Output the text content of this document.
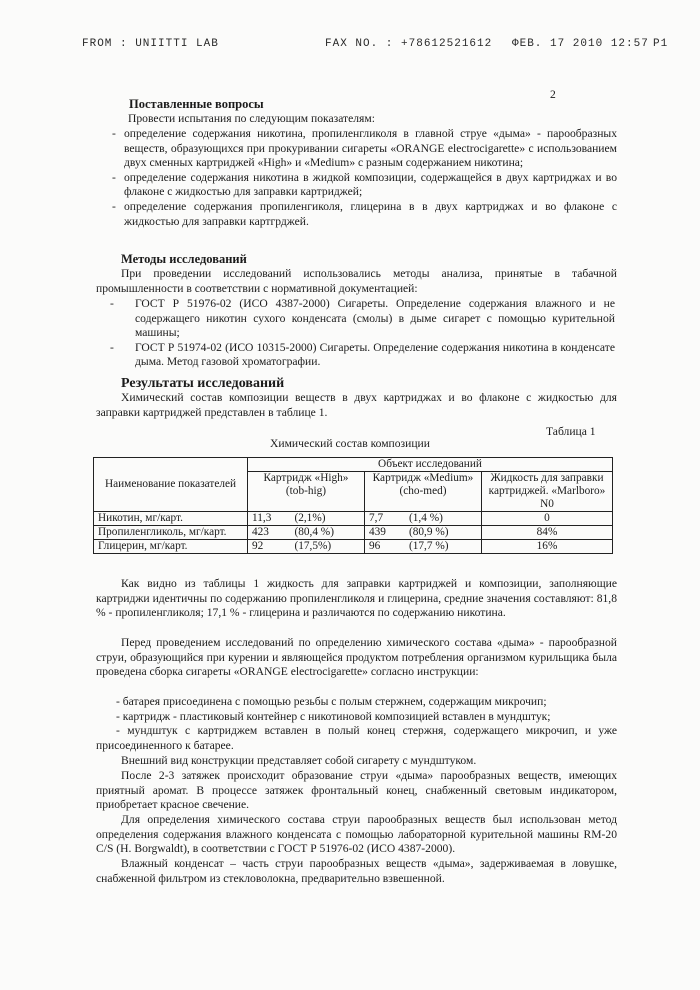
FROM : UNIITTI LAB	FAX NO. : +78612521612 ФЕВ. 17 2010 12:57 P1
2
Поставленные вопросы
Провести испытания по следующим показателям:
- определение содержания никотина, пропиленгликоля в главной струе «дыма» - парообразных веществ, образующихся при прокуривании сигареты «ORANGE electrocigarette» с использованием двух сменных картриджей «High» и «Medium» с разным содержанием никотина;
- определение содержания никотина в жидкой композиции, содержащейся в двух картриджах и во флаконе с жидкостью для заправки картриджей;
- определение содержания пропиленгиколя, глицерина в в двух картриджах и во флаконе с жидкостью для заправки картгрджей.
Методы исследований
При проведении исследований использовались методы анализа, принятые в табачной промышленности в соответствии с нормативной документацией:
- ГОСТ Р 51976-02 (ИСО 4387-2000) Сигареты. Определение содержания влажного и не содержащего никотин сухого конденсата (смолы) в дыме сигарет с помощью курительной машины;
- ГОСТ Р 51974-02 (ИСО 10315-2000) Сигареты. Определение содержания никотина в конденсате дыма. Метод газовой хроматографии.
Результаты исследований
Химический состав композиции веществ в двух картриджах и во флаконе с жидкостью для заправки картриджей представлен в таблице 1.
Таблица 1
Химический состав композиции
Наименование показателей	Объект исследований				
	Картридж «High» (tob-hig)		Картридж «Medium» (cho-med)		Жидкость для заправки картриджей. «Marlboro» N0
Никотин, мг/карт.	11,3	(2,1%)	7,7	(1,4 %)	0
Пропиленгликоль, мг/карт.	423	(80,4 %)	439	(80,9 %)	84%
Глицерин, мг/карт.	92	(17,5%)	96	(17,7 %)	16%
Как видно из таблицы 1 жидкость для заправки картриджей и композиции, заполняющие картриджи идентичны по содержанию пропиленгликоля и глицерина, средние значения составляют: 81,8 % - пропиленгликоля; 17,1 % - глицерина и различаются по содержанию никотина.
Перед проведением исследований по определению химического состава «дыма» - парообразной струи, образующийся при курении и являющейся продуктом потребления организмом курильщика была проведена сборка сигареты «ORANGE electrocigarette» согласно инструкции:
- батарея присоединена с помощью резьбы с полым стержнем, содержащим микрочип;
- картридж - пластиковый контейнер с никотиновой композицией вставлен в мундштук;
- мундштук с картриджем вставлен в полый конец стержня, содержащего микрочип, и уже присоединенного к батарее.
Внешний вид конструкции представляет собой сигарету с мундштуком.
После 2-3 затяжек происходит образование струи «дыма» парообразных веществ, имеющих приятный аромат. В процессе затяжек фронтальный конец, снабженный световым индикатором, приобретает красное свечение.
Для определения химического состава струи парообразных веществ был использован метод определения содержания влажного конденсата с помощью лабораторной курительной машины RM-20 C/S (H. Borgwaldt), в соответствии с ГОСТ Р 51976-02 (ИСО 4387-2000).
Влажный конденсат – часть струи парообразных веществ «дыма», задерживаемая в ловушке, снабженной фильтром из стекловолокна, предварительно взвешенной.
